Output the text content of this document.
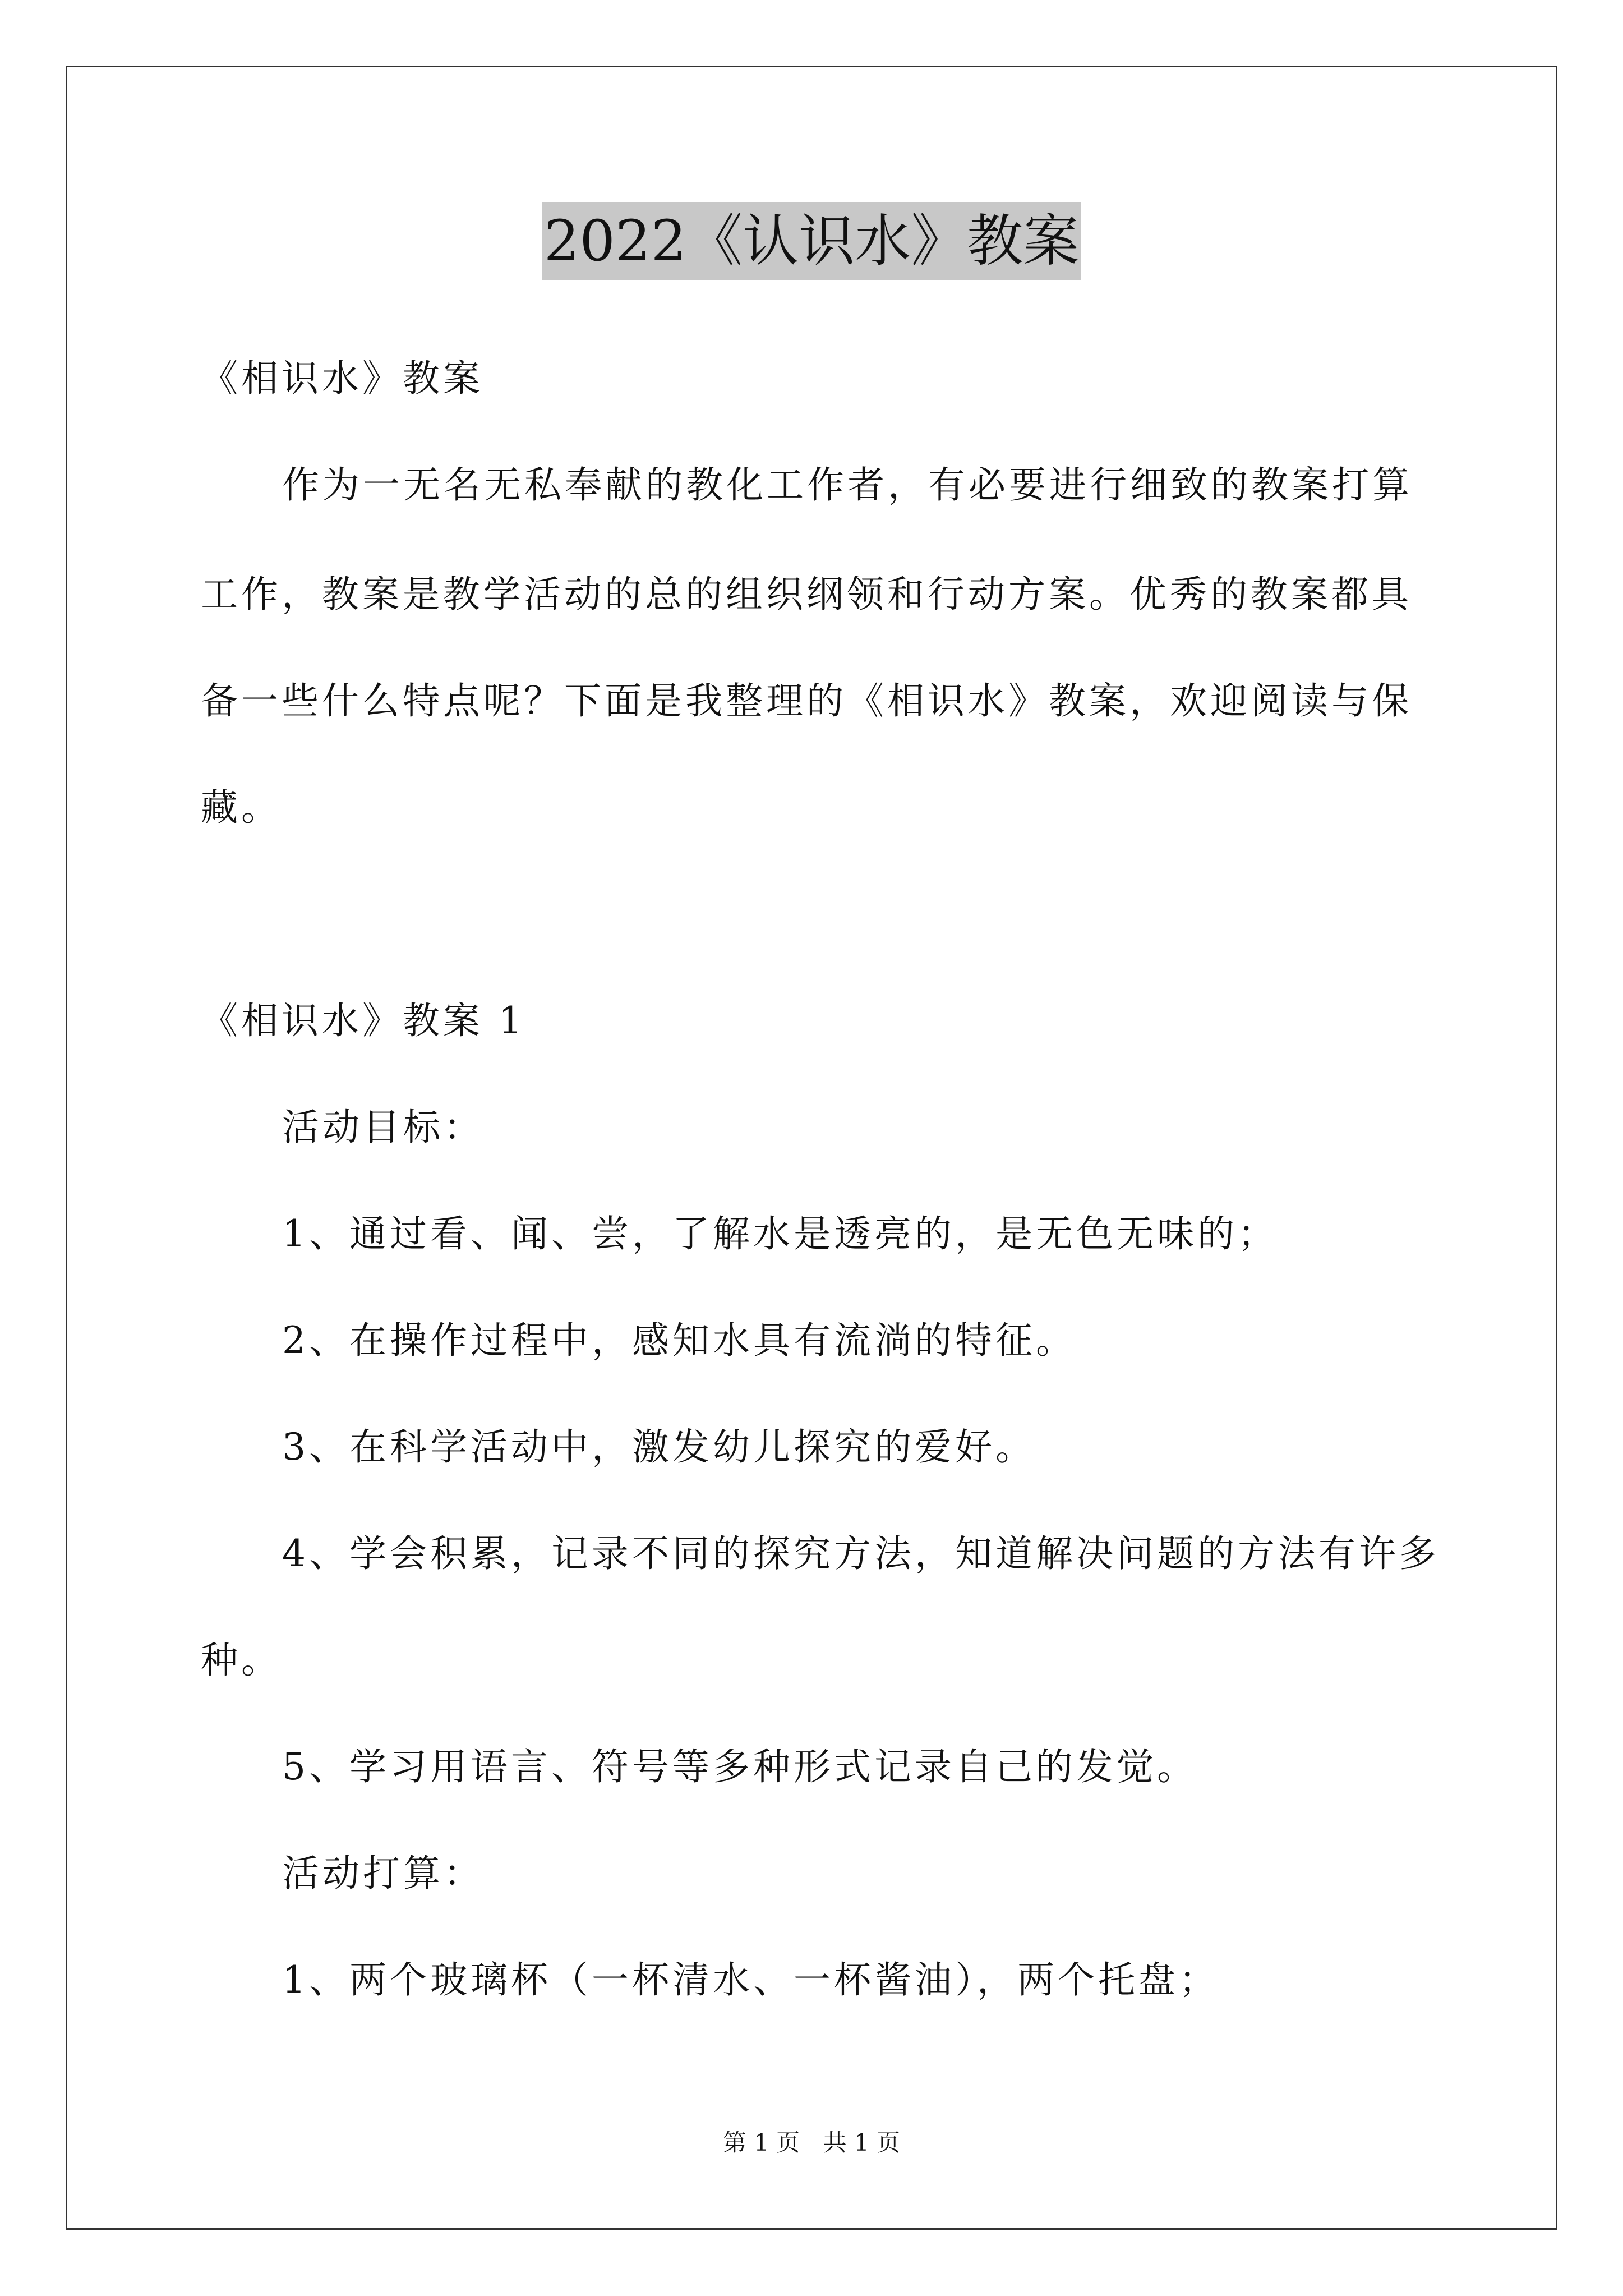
2022《认识水》教案
《相识水》教案
作为一无名无私奉献的教化工作者，有必要进行细致的教案打算
工作，教案是教学活动的总的组织纲领和行动方案。优秀的教案都具
备一些什么特点呢？下面是我整理的《相识水》教案，欢迎阅读与保
藏。
《相识水》教案 1
活动目标：
1、通过看、闻、尝，了解水是透亮的，是无色无味的；
2、在操作过程中，感知水具有流淌的特征。
3、在科学活动中，激发幼儿探究的爱好。
4、学会积累，记录不同的探究方法，知道解决问题的方法有许多
种。
5、学习用语言、符号等多种形式记录自己的发觉。
活动打算：
1、两个玻璃杯（一杯清水、一杯酱油），两个托盘；
第 1 页 共 1 页
